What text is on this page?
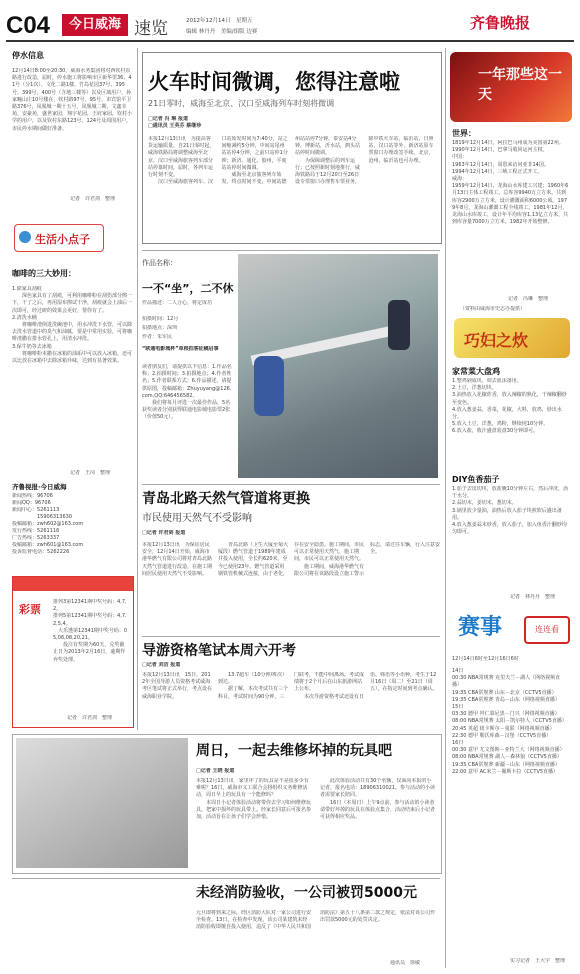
C04	今日威海 速览	2012年12月14日　星期五
编辑 林丹丹　美编/组版 边赛	齐鲁晚报
停水信息
12月14日8:00至20:30，威海水务集团将对西钦村东路进行改造，届时，停水施工将影响市区新华里36、41号（分1次）、文化二路1楼、竹岛花园37号，395号，399号，400号（含地三楼等）以及区域用户，孙家疃山庄10号楼在，钦村路97号、95号、市宾馆平卫路376号，凤凰城一期十五号，凤凰城二期，文鑫幸苑，安豪苑，盛世家园，翔宇花园，王府家园，钦村小学的用户，以及钦村东路123号，124号及周围用户，市民停水期间做好准备。
记者　许君剑　整理
生活小点子
咖啡的三大妙用：
1.除家具刮痕
　　深色家具有了刮痕，可利用咖啡粉在刮伤部分擦一下，干了之后，再用湿布擦试干净，刮痕就会上油后一次即可，经过研的效果会更好，帮你有了。
2.清洗水桶
　　将咖啡渣倒进洗碗池中，用水冲洗下水管，可以除去洗水管道中的臭气和油腻，要是中常用实验，可将咖啡渣撒在排水管孔上，用清水冲洗。
3.保牛奶等去冰箱
　　将咖啡粉末撒在冰箱的油垢中可以放入冰箱，还可以比放在冰箱中去除冰箱异味，达到有显著效果。
记者　王岗　整理
齐鲁视报·今日威海
新闻热线：96706
新闻QQ：96706
新闻中心：5261113
　　　　　15906313630
投稿邮箱：zwh602@163.com
发行热线：5261116
广告热线：5263337
投稿邮箱：zwh601@163.com
投诉监督电话：5262226
彩票
排列3第12341期中奖号码：4,7,2。
排列5第12341期中奖号码：4,7,2,5,4。
　大乐透第12341期中奖号码：05,06,08,20,21。
　　投注有奖期为60天，兑奖截止日为2013年2月16日，逾期作弃奖处理。
记者　许君剑　整理
火车时间微调，您得注意啦
21日零时，威海至北京、汉口至威海列车时刻将微调
□记者 冯 琳 报道
□通讯员 王英芬 蔡继珍
本报12月13日讯　为提高客货运输质量，自21日零时起，威海铁路局将调整威海至北京、汉口至威海旅客列车部分站停靠时间，届时，各列车运行时刻不变。
　　汉口至威海旅客列车、汉口站始发时间为7:40分，站之间缩减约5分钟，中间站尾州站站停4分钟，之前只站停1分钟；新济、通化，胶州，平度站站停时间微调。
　　威海至北京旅客列车始发，终点时间不变，中间站德州站站停7分钟，泰安站4分钟，博新站，沂水站，泗头站站停时间微调。
　　为保障调整后的列车运行；已按照新时刻地推行，威海铁路局于12月20日至26日设专票窗口办理售车票业务，除中铁火车站，临沂站，日照站，汉口站等外，新济站原车票窗口办理改签手续。北京，沧州，临沂站也可办理。
一年那些这一天
作品名称：
一不“坐”，二不休
作品描述：二人合心，将定成功
拍摄时间：12月
拍摄地点：深圳
作者：朱军民
“联通电影城杯”草根拍客征稿启事
读者朋友们，请提供以下信息：1.作品名称；2.拍摄时间；3.拍摄地点；4.作者姓名；5.作者联系方式；6.作品描述。请提供原图，投稿邮箱：Zhuyuyang@126.com,QQ:646456582。
　　我们将每月评选一次最佳作品，5名获奖读者分别获得联通电影城电影票2张（价值50元）。
青岛北路天然气管道将更换
市民使用天然气不受影响
□记者 许君剑 报道
本报12月13日讯　为保证居民安全，12月14日开始，威海市港华燃气有限公司将对青岛北路天然气管道进行改造，在施工期间居民使用天然气不受影响。
　　青岛北路（卫生大厦至菊大厦段）燃气管道于1989年建成并投入使用，全长约620米，至今已使用23年。燃气管道采用钢铁管机械式连接，由于老化，存在安全隐患。施工期间，市民可以正常使用天然气，施工期间，市民可以正常使用天然气。
　　施工期间，威海港华燃气有限公司将在该路段设立施工警示标志，请过往车辆、行人注意安全。
导游资格笔试本周六开考
□记者 刘洁 报道
本报12月13日讯　15日，2012年全国导游人员资格考试威海考区笔试将正式举行，考点设在威海职业学院。
　　13.7超车（10分钟/班次）到达。
　　据了解，本次考试共有三个科目，考试时间为90分钟，三门联考，不能中间离场。考试成绩将于2个月后在山东旅游网站上公布。
　　本次导游资格考试还设有日语、韩语等小语种，考生于12月16日（周二）至21日（周五），在指定时间到考点确认。
周日，一起去维修坏掉的玩具吧
□记者 王晓 报道
本报12月13日讯　家里坏了的玩具是不是很多少有难呢？16日，威海市义工联合会将组织义务维修活动，周日早上的玩具有一个能修吗？
　　本周日小记者体验活动将带你去学习如何维修玩具，把家中损坏的玩具带上。经家长同意后可报名参加，活动旨在让孩子们学会珍惜。
　　此次体验活动共有30个名额，仅面向本报的小记者，报名电话：18906310021。参与活动的小读者需要家长陪同。
　　16日（本周日）上午9点前，参与活动的小读者请带好坏掉的玩具在体验点集合，活动结束后小记者可获得相应奖品。
未经消防验收，一公司被罚5000元
元旦即将到来之际，经区消防大队对一家公司进行安全检查。13日，在检查中发现，该公司某建筑未经消防验收即擅自投入使用，违反了《中华人民共和国消防法》第五十八条第二款之规定，依法对该公司作出罚款5000元的处罚决定。
通讯员　徐敏
世界：
1819年12月14日，阿拉巴马州成为美国第22州。
1990年12月14日，巴拿马收回运河主权。
中国：
1963年12月14日，周恩来访问亚非14国。
1994年12月14日，三峡工程正式开工。
威海：
1959年12月14日，龙海山水库建工兴建；1960年6月13日主体工程竣工，总库容9940万立方米。共到库容2900万立方米，设计灌溉面积6000公顷。1979年8月，龙海山灌溉工程全线竣工。1981年12月，龙海山水库竣工，设计年平均库容1.13亿立方米，共到库容量7000万立方米。1982年开始整修。
记者　冯琳　整理
（资料由威海市史志办提供）
巧妇之炊
家常菜大盘鸡
1.整鸡剁成块，焯去血沫备用。
2.土豆，洋葱切块。
3.油热放入花椒炸香，放入辣椒的熟化，干辣椒翻炒至变色。
4.放入葱姜蒜，香菜，花椒，大料，放鸡，炒出水分。
5.放入土豆，洋葱，鸡粉，继续炖10分钟。
6.放入盐，收汁盛盘装盘30分钟即可。
DIY鱼香茄子
1.茄子去皮切块，放盐腌10分钟左右，然后冲洗，沥干水分。
2.蒜切末，姜切末，葱切末。
3.锅里放少量油，油热后放入茄子块煎软后盛出备用。
4.放入葱姜蒜末炒香，放入茄子，加入鱼香汁翻炒均匀即可。
记者　林丹丹　整理
赛事	连连看
12月14日6时至12月16日6时
14日
00:30 NBA常规赛 克里夫兰－湖人（网络视频直播）
19:35 CBA常规赛 山东－北京（CCTV5直播）
19:35 CBA常规赛 青岛－山东（网络视频直播）
15日
03:30 德甲 拜仁慕尼黑－门兴（网络视频直播）
08:00 NBA常规赛 太阳－凯尔特人（CCTV5直播）
20:45 英超 纽卡斯尔－曼联（网络视频直播）
22:30 德甲 勒沃库森－汉堡（CCTV5直播）
16日
00:30 意甲 尤文图斯－亚特兰大（网络视频直播）
08:00 NBA常规赛 湖人－森林狼（CCTV5直播）
19:35 CBA常规赛 新疆－山东（网络视频直播）
22:00 意甲 AC米兰－佩斯卡拉（CCTV5直播）
实习记者　王大宇　整理
